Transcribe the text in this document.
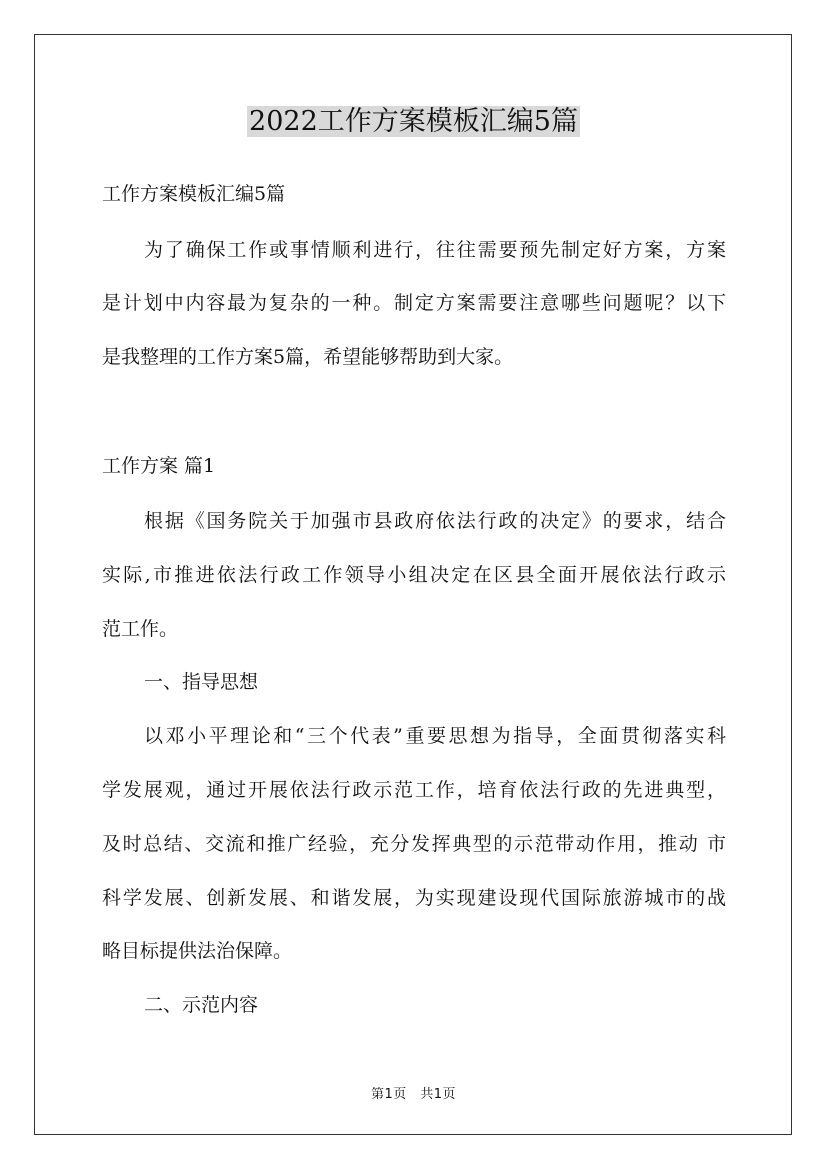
2022工作方案模板汇编5篇
工作方案模板汇编5篇
为了确保工作或事情顺利进行，往往需要预先制定好方案，方案
是计划中内容最为复杂的一种。制定方案需要注意哪些问题呢？以下
是我整理的工作方案5篇，希望能够帮助到大家。
工作方案 篇1
根据《国务院关于加强市县政府依法行政的决定》的要求，结合
实际,市推进依法行政工作领导小组决定在区县全面开展依法行政示
范工作。
一、指导思想
以邓小平理论和“三个代表”重要思想为指导，全面贯彻落实科
学发展观，通过开展依法行政示范工作，培育依法行政的先进典型，
及时总结、交流和推广经验，充分发挥典型的示范带动作用，推动 市
科学发展、创新发展、和谐发展，为实现建设现代国际旅游城市的战
略目标提供法治保障。
二、示范内容
第1页　共1页
